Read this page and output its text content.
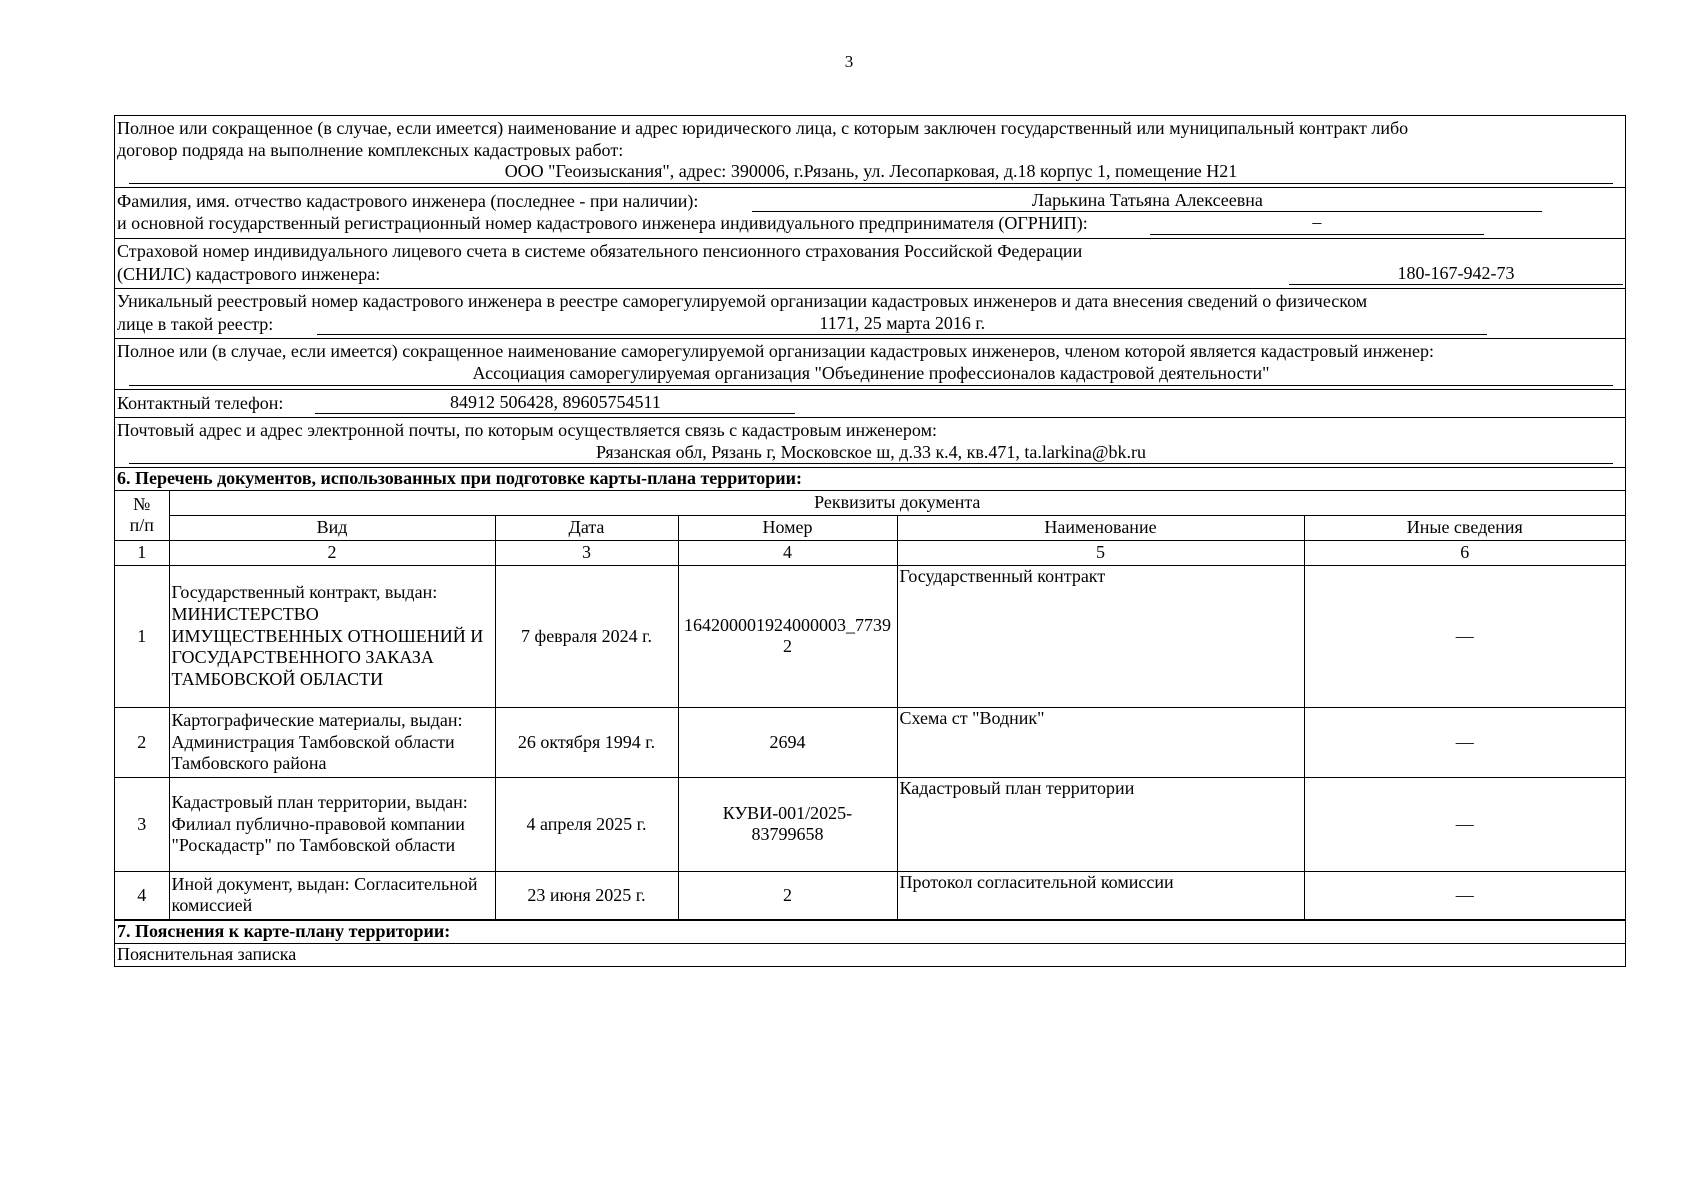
3
Полное или сокращенное (в случае, если имеется) наименование и адрес юридического лица, с которым заключен государственный или муниципальный контракт либо
договор подряда на выполнение комплексных кадастровых работ:
ООО "Геоизыскания", адрес: 390006, г.Рязань, ул. Лесопарковая, д.18 корпус 1, помещение Н21
Фамилия, имя. отчество кадастрового инженера (последнее - при наличии):	Ларькина Татьяна Алексеевна
и основной государственный регистрационный номер кадастрового инженера индивидуального предпринимателя (ОГРНИП):	–
Страховой номер индивидуального лицевого счета в системе обязательного пенсионного страхования Российской Федерации
(СНИЛС) кадастрового инженера:	180-167-942-73
Уникальный реестровый номер кадастрового инженера в реестре саморегулируемой организации кадастровых инженеров и дата внесения сведений о физическом
лице в такой реестр:	1171, 25 марта 2016 г.
Полное или (в случае, если имеется) сокращенное наименование саморегулируемой организации кадастровых инженеров, членом которой является кадастровый инженер:
Ассоциация саморегулируемая организация "Объединение профессионалов кадастровой деятельности"
Контактный телефон:	84912 506428, 89605754511
Почтовый адрес и адрес электронной почты, по которым осуществляется связь с кадастровым инженером:
Рязанская обл, Рязань г, Московское ш, д.33 к.4, кв.471, ta.larkina@bk.ru
6. Перечень документов, использованных при подготовке карты-плана территории:
№
п/п	Реквизиты документа				
	Вид	Дата	Номер	Наименование	Иные сведения
1	2	3	4	5	6
1	Государственный контракт, выдан: МИНИСТЕРСТВО ИМУЩЕСТВЕННЫХ ОТНОШЕНИЙ И ГОСУДАРСТВЕННОГО ЗАКАЗА ТАМБОВСКОЙ ОБЛАСТИ	7 февраля 2024 г.	164200001924000003_77392	Государственный контракт	—
2	Картографические материалы, выдан: Администрация Тамбовской области Тамбовского района	26 октября 1994 г.	2694	Схема ст "Водник"	—
3	Кадастровый план территории, выдан: Филиал публично-правовой компании "Роскадастр" по Тамбовской области	4 апреля 2025 г.	КУВИ-001/2025-83799658	Кадастровый план территории	—
4	Иной документ, выдан: Согласительной комиссией	23 июня 2025 г.	2	Протокол согласительной комиссии	—
7. Пояснения к карте-плану территории:
Пояснительная записка
